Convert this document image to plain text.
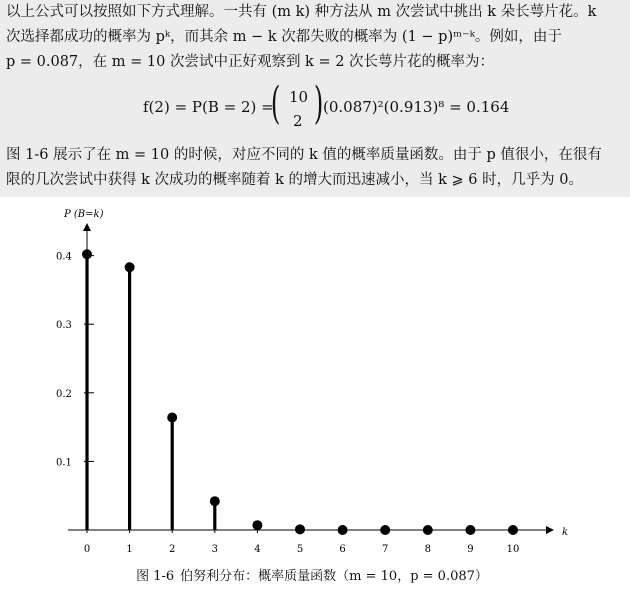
以上公式可以按照如下方式理解。一共有 (m k) 种方法从 m 次尝试中挑出 k 朵长萼片花。k
次选择都成功的概率为 pᵏ，而其余 m − k 次都失败的概率为 (1 − p)ᵐ⁻ᵏ。例如，由于
p = 0.087，在 m = 10 次尝试中正好观察到 k = 2 次长萼片花的概率为：
f(2) = P(B = 2) =
( 10
2 ) (0.087)²(0.913)⁸ = 0.164
图 1-6 展示了在 m = 10 的时候，对应不同的 k 值的概率质量函数。由于 p 值很小，在很有
限的几次尝试中获得 k 次成功的概率随着 k 的增大而迅速减小，当 k ⩾ 6 时，几乎为 0。
P (B=k)
k
0.1
0.2
0.3
0.4
0	1	2	3	4	5	6	7	8	9	10
图 1-6 伯努利分布：概率质量函数（m = 10，p = 0.087）
